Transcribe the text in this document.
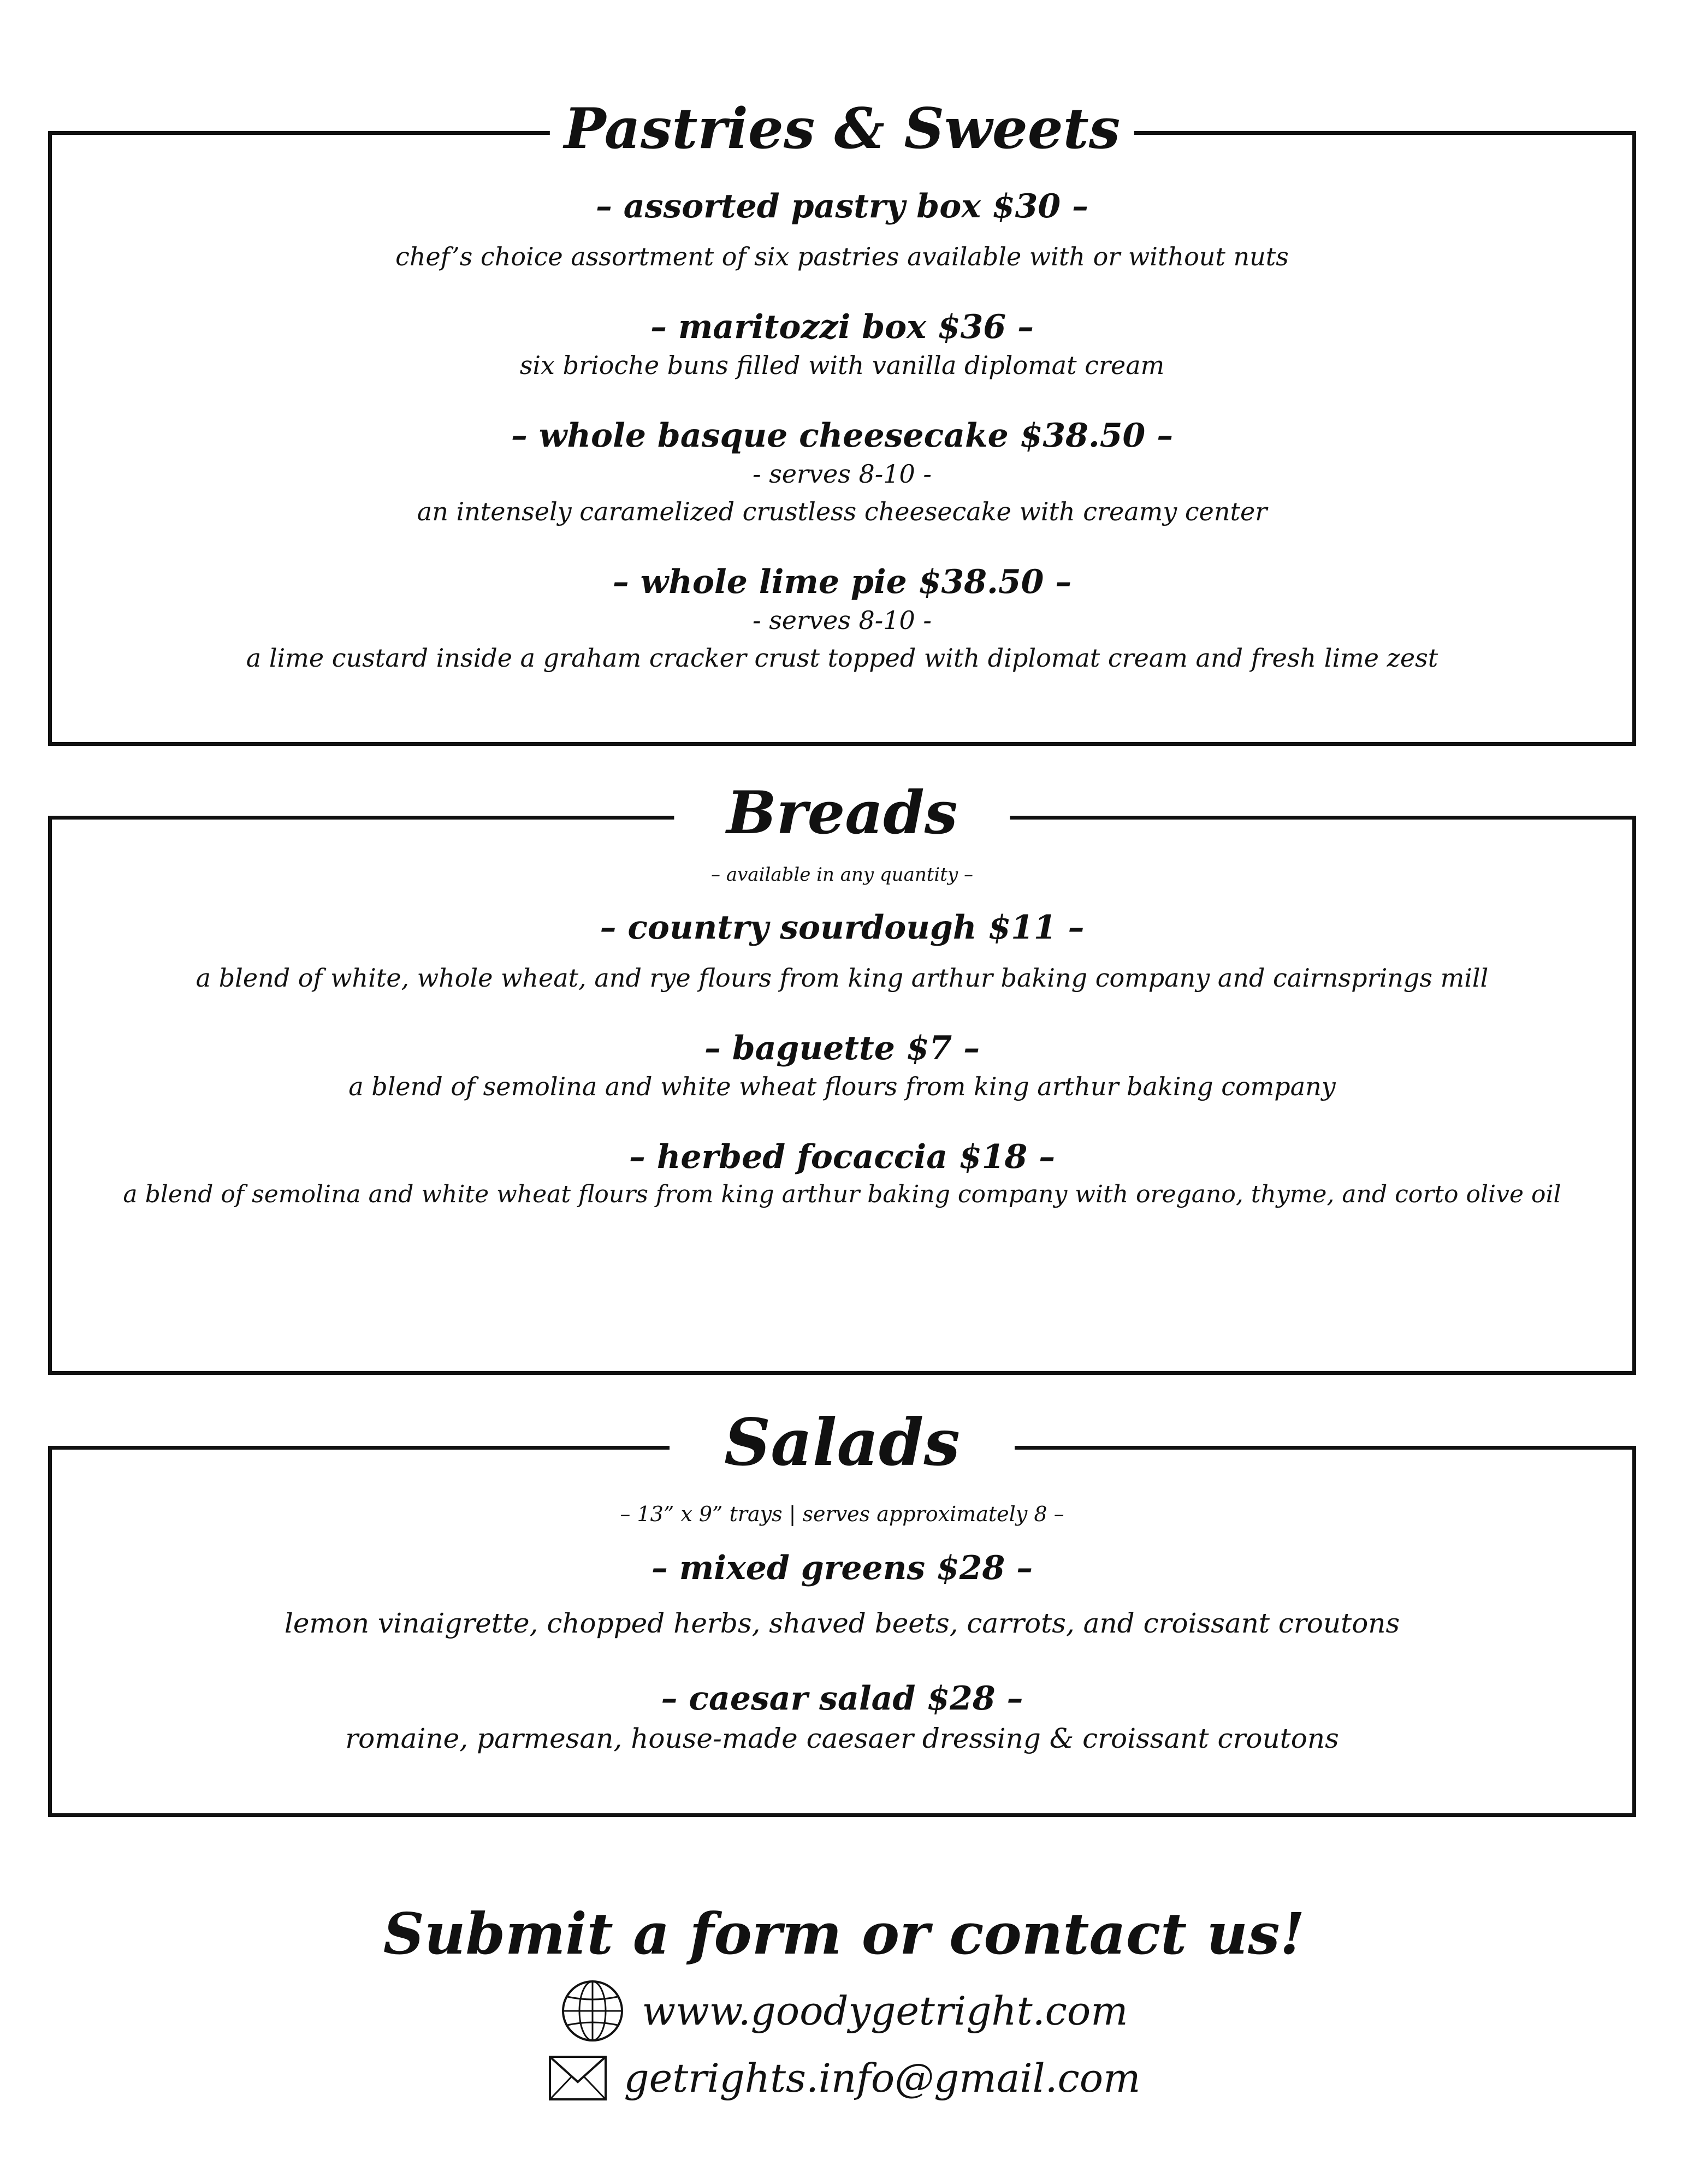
Pastries & Sweets
– assorted pastry box $30 –
chef’s choice assortment of six pastries available with or without nuts
– maritozzi box $36 –
six brioche buns filled with vanilla diplomat cream
– whole basque cheesecake $38.50 –
- serves 8-10 -
an intensely caramelized crustless cheesecake with creamy center
– whole lime pie $38.50 –
- serves 8-10 -
a lime custard inside a graham cracker crust topped with diplomat cream and fresh lime zest
Breads
– available in any quantity –
– country sourdough $11 –
a blend of white, whole wheat, and rye flours from king arthur baking company and cairnsprings mill
– baguette $7 –
a blend of semolina and white wheat flours from king arthur baking company
– herbed focaccia $18 –
a blend of semolina and white wheat flours from king arthur baking company with oregano, thyme, and corto olive oil
Salads
– 13” x 9” trays | serves approximately 8 –
– mixed greens $28 –
lemon vinaigrette, chopped herbs, shaved beets, carrots, and croissant croutons
– caesar salad $28 –
romaine, parmesan, house-made caesaer dressing & croissant croutons
Submit a form or contact us!
www.goodygetright.com
getrights.info@gmail.com
